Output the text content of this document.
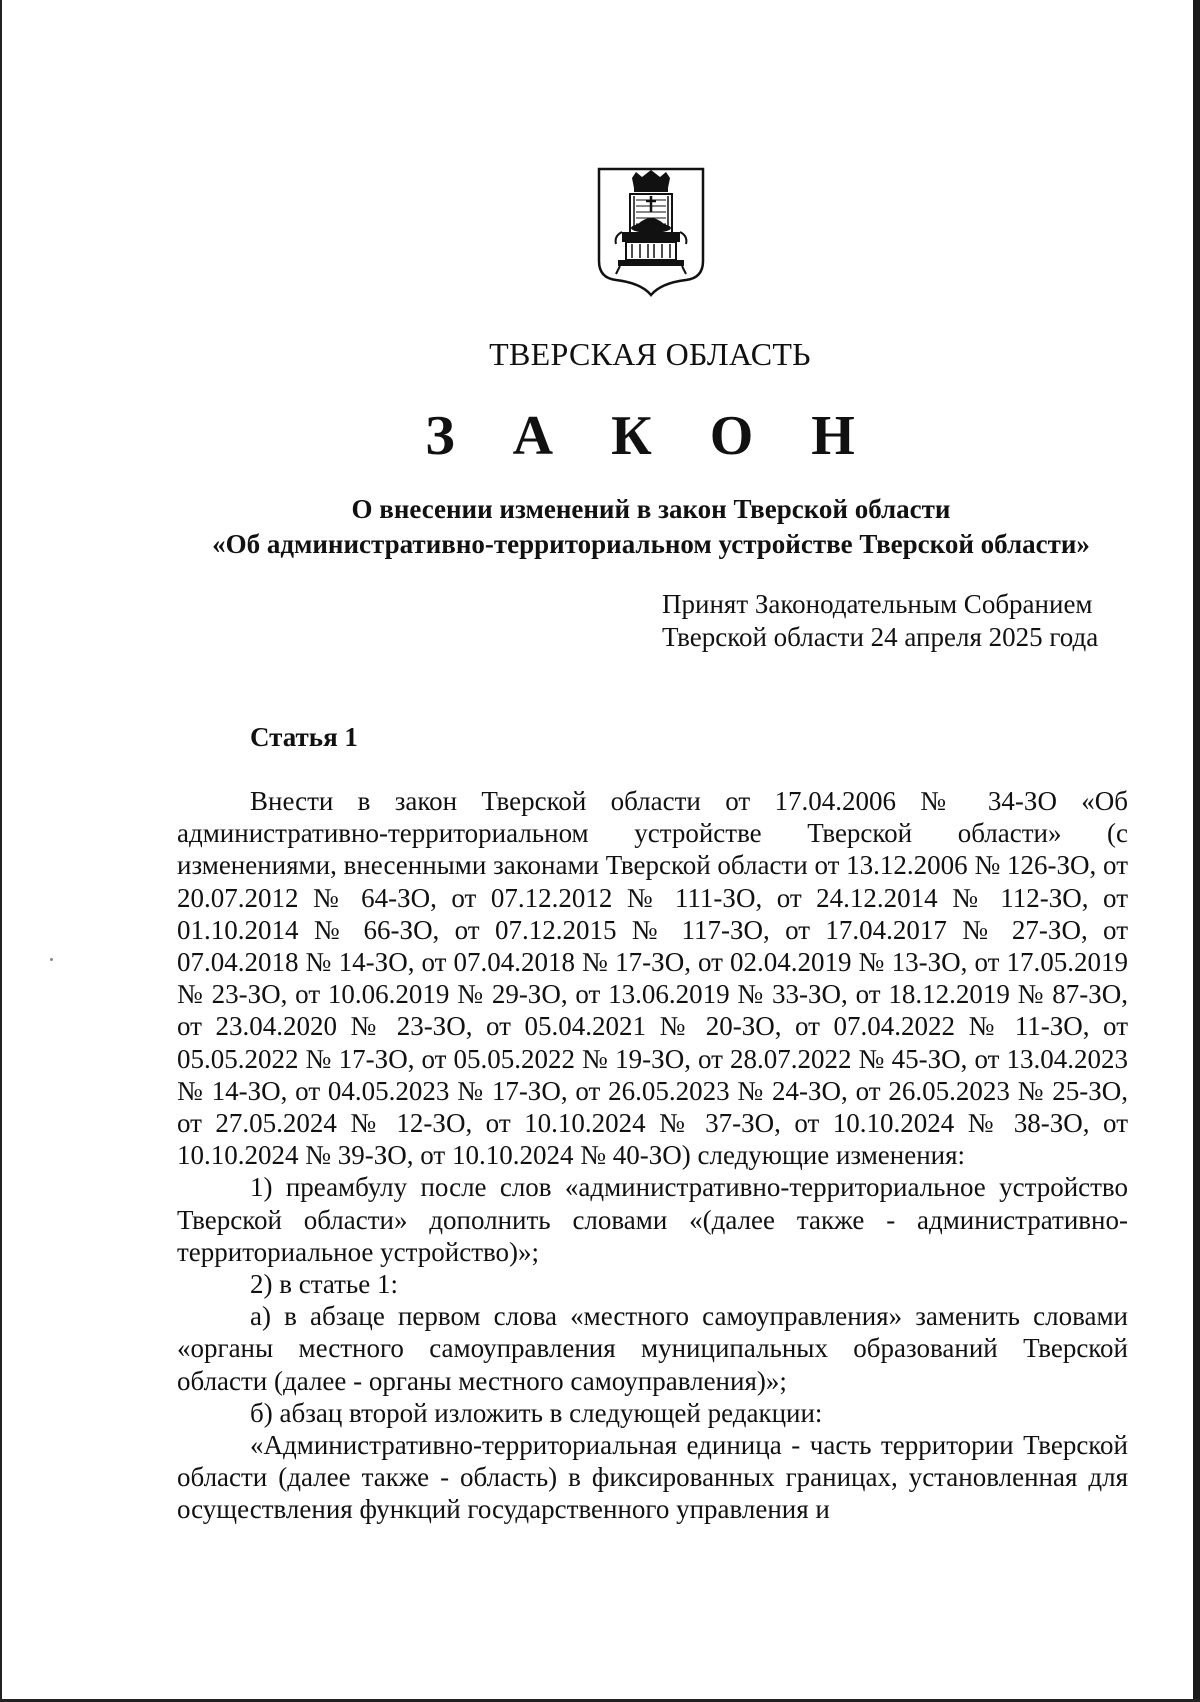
ТВЕРСКАЯ ОБЛАСТЬ
З А К О Н
О внесении изменений в закон Тверской области
«Об административно-территориальном устройстве Тверской области»
Принят Законодательным Собранием
Тверской области 24 апреля 2025 года
Статья 1

Внести в закон Тверской области от 17.04.2006 № 34-ЗО «Об административно-территориальном устройстве Тверской области» (с изменениями, внесенными законами Тверской области от 13.12.2006 № 126-ЗО, от 20.07.2012 № 64-ЗО, от 07.12.2012 № 111-ЗО, от 24.12.2014 № 112-ЗО, от 01.10.2014 № 66-ЗО, от 07.12.2015 № 117-ЗО, от 17.04.2017 № 27-ЗО, от 07.04.2018 № 14-ЗО, от 07.04.2018 № 17-ЗО, от 02.04.2019 № 13-ЗО, от 17.05.2019 № 23-ЗО, от 10.06.2019 № 29-ЗО, от 13.06.2019 № 33-ЗО, от 18.12.2019 № 87-ЗО, от 23.04.2020 № 23-ЗО, от 05.04.2021 № 20-ЗО, от 07.04.2022 № 11-ЗО, от 05.05.2022 № 17-ЗО, от 05.05.2022 № 19-ЗО, от 28.07.2022 № 45-ЗО, от 13.04.2023 № 14-ЗО, от 04.05.2023 № 17-ЗО, от 26.05.2023 № 24-ЗО, от 26.05.2023 № 25-ЗО, от 27.05.2024 № 12-ЗО, от 10.10.2024 № 37-ЗО, от 10.10.2024 № 38-ЗО, от 10.10.2024 № 39-ЗО, от 10.10.2024 № 40-ЗО) следующие изменения:

1) преамбулу после слов «административно-территориальное устройство Тверской области» дополнить словами «(далее также - административно-территориальное устройство)»;

2) в статье 1:

а) в абзаце первом слова «местного самоуправления» заменить словами «органы местного самоуправления муниципальных образований Тверской области (далее - органы местного самоуправления)»;

б) абзац второй изложить в следующей редакции:

«Административно-территориальная единица - часть территории Тверской области (далее также - область) в фиксированных границах, установленная для осуществления функций государственного управления и
